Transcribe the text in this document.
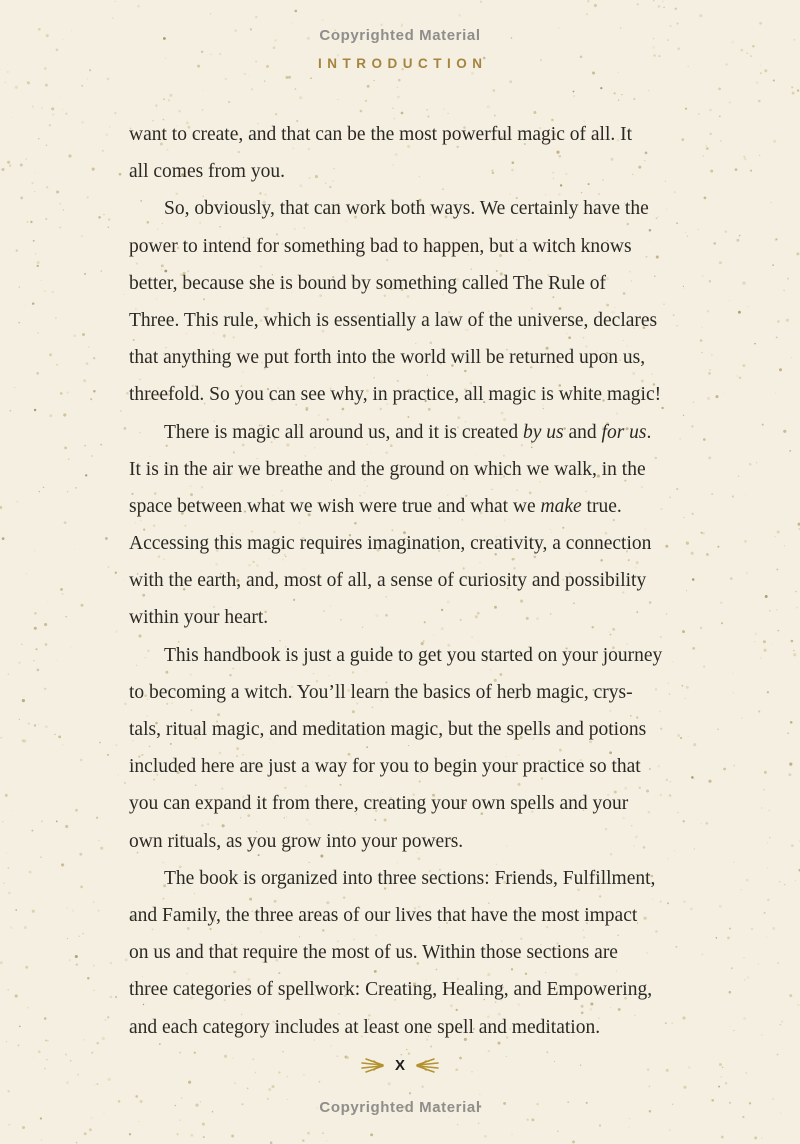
Copyrighted Material
INTRODUCTION
want to create, and that can be the most powerful magic of all. It
all comes from you.
So, obviously, that can work both ways. We certainly have the
power to intend for something bad to happen, but a witch knows
better, because she is bound by something called The Rule of
Three. This rule, which is essentially a law of the universe, declares
that anything we put forth into the world will be returned upon us,
threefold. So you can see why, in practice, all magic is white magic!
There is magic all around us, and it is created by us and for us.
It is in the air we breathe and the ground on which we walk, in the
space between what we wish were true and what we make true.
Accessing this magic requires imagination, creativity, a connection
with the earth, and, most of all, a sense of curiosity and possibility
within your heart.
This handbook is just a guide to get you started on your journey
to becoming a witch. You’ll learn the basics of herb magic, crys-
tals, ritual magic, and meditation magic, but the spells and potions
included here are just a way for you to begin your practice so that
you can expand it from there, creating your own spells and your
own rituals, as you grow into your powers.
The book is organized into three sections: Friends, Fulfillment,
and Family, the three areas of our lives that have the most impact
on us and that require the most of us. Within those sections are
three categories of spellwork: Creating, Healing, and Empowering,
and each category includes at least one spell and meditation.
X
Copyrighted Material
